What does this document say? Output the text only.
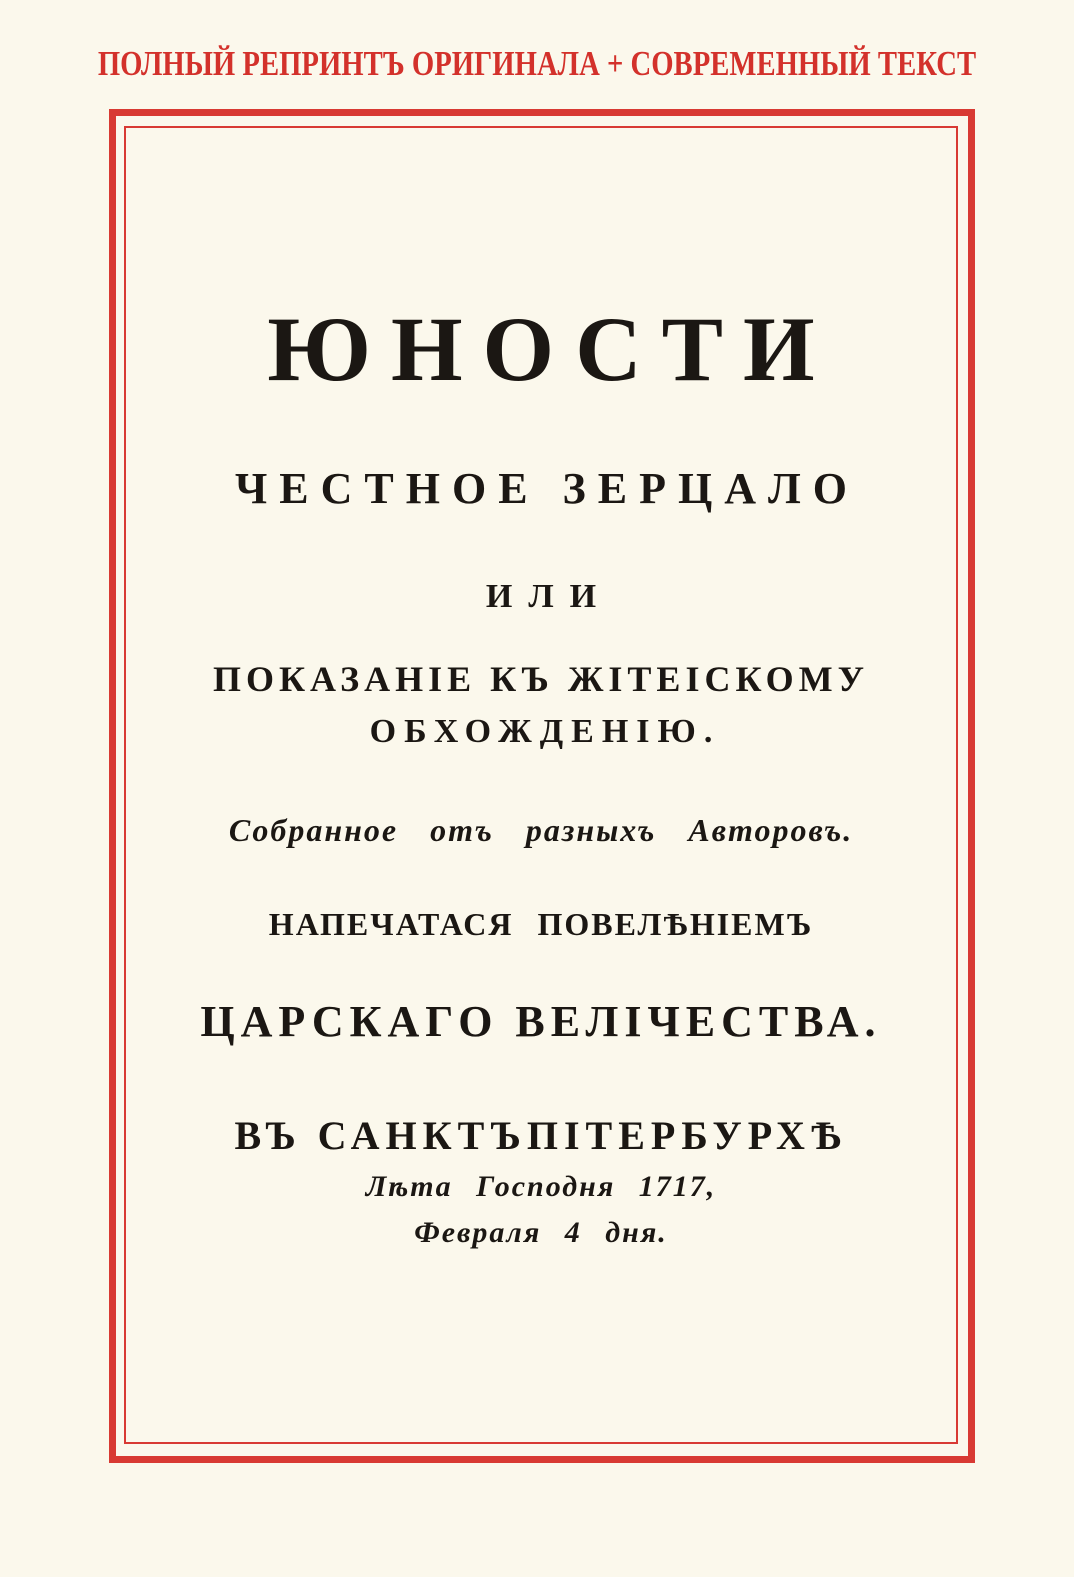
ПОЛНЫЙ РЕПРИНТЪ ОРИГИНАЛА + СОВРЕМЕННЫЙ ТЕКСТ
ЮНОСТИ
ЧЕСТНОЕ ЗЕРЦАЛО
ИЛИ
ПОКАЗАНІЕ КЪ ЖІТЕІСКОМУ
ОБХОЖДЕНІЮ.
Собранное отъ разныхъ Авторовъ.
НАПЕЧАТАСЯ ПОВЕЛѢНІЕМЪ
ЦАРСКАГО ВЕЛІЧЕСТВА.
ВЪ САНКТЪПІТЕРБУРХѢ
Лѣта Господня 1717,
Февраля 4 дня.
